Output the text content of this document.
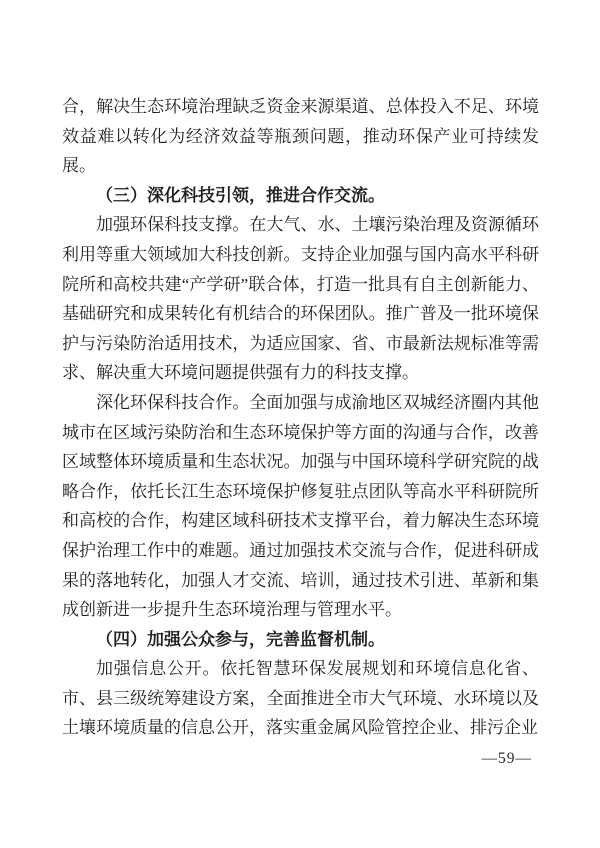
合，解决生态环境治理缺乏资金来源渠道、总体投入不足、环境效益难以转化为经济效益等瓶颈问题，推动环保产业可持续发展。

（三）深化科技引领，推进合作交流。

加强环保科技支撑。在大气、水、土壤污染治理及资源循环利用等重大领域加大科技创新。支持企业加强与国内高水平科研院所和高校共建“产学研”联合体，打造一批具有自主创新能力、基础研究和成果转化有机结合的环保团队。推广普及一批环境保护与污染防治适用技术，为适应国家、省、市最新法规标准等需求、解决重大环境问题提供强有力的科技支撑。

深化环保科技合作。全面加强与成渝地区双城经济圈内其他城市在区域污染防治和生态环境保护等方面的沟通与合作，改善区域整体环境质量和生态状况。加强与中国环境科学研究院的战略合作，依托长江生态环境保护修复驻点团队等高水平科研院所和高校的合作，构建区域科研技术支撑平台，着力解决生态环境保护治理工作中的难题。通过加强技术交流与合作，促进科研成果的落地转化，加强人才交流、培训，通过技术引进、革新和集成创新进一步提升生态环境治理与管理水平。

（四）加强公众参与，完善监督机制。

加强信息公开。依托智慧环保发展规划和环境信息化省、市、县三级统筹建设方案，全面推进全市大气环境、水环境以及土壤环境质量的信息公开，落实重金属风险管控企业、排污企业

—59—
